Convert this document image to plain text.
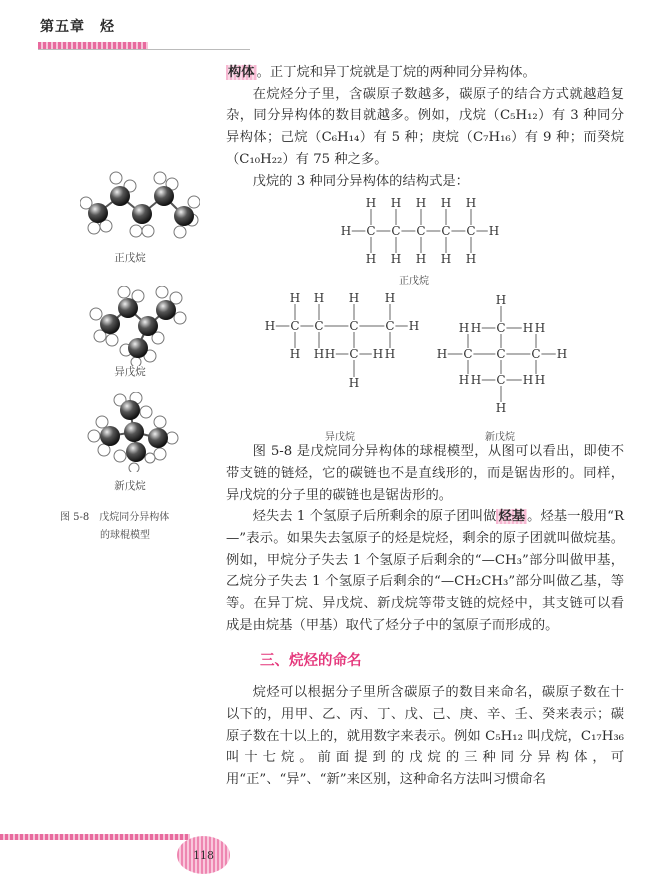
第五章　烃
正戊烷
异戊烷
新戊烷
图 5-8　戊烷同分异构体
的球棍模型

构体 。正丁烷和异丁烷就是丁烷的两种同分异构体。

在烷烃分子里，含碳原子数越多，碳原子的结合方式就越趋复杂，同分异构体的数目就越多。例如，戊烷（C₅H₁₂）有 3 种同分异构体；己烷（C₆H₁₄）有 5 种；庚烷（C₇H₁₆）有 9 种；而癸烷（C₁₀H₂₂）有 75 种之多。

戊烷的 3 种同分异构体的结构式是：

图 5-8 是戊烷同分异构体的球棍模型，从图可以看出，即使不带支链的链烃，它的碳链也不是直线形的，而是锯齿形的。同样，异戊烷的分子里的碳链也是锯齿形的。

烃失去 1 个氢原子后所剩余的原子团叫做 烃基 。烃基一般用“R—”表示。如果失去氢原子的烃是烷烃，剩余的原子团就叫做烷基。例如，甲烷分子失去 1 个氢原子后剩余的“—CH₃”部分叫做甲基，乙烷分子失去 1 个氢原子后剩余的“—CH₂CH₃”部分叫做乙基，等等。在异丁烷、异戊烷、新戊烷等带支链的烷烃中，其支链可以看成是由烷基（甲基）取代了烃分子中的氢原子而形成的。

三、烷烃的命名

烷烃可以根据分子里所含碳原子的数目来命名，碳原子数在十以下的，用甲、乙、丙、丁、戊、己、庚、辛、壬、癸来表示；碳原子数在十以上的，就用数字来表示。例如 C₅H₁₂ 叫戊烷，C₁₇H₃₆ 叫十七烷。前面提到的戊烷的三种同分异构体，可用“正”、“异”、“新”来区别，这种命名方法叫习惯命名

H C C C C C H
H H H H H
H H H H H
正戊烷
H C C C C H
H H H H
H H H C H H
H
异戊烷
H
H H C H H
H C C C H
H H C H H
H
新戊烷
118
